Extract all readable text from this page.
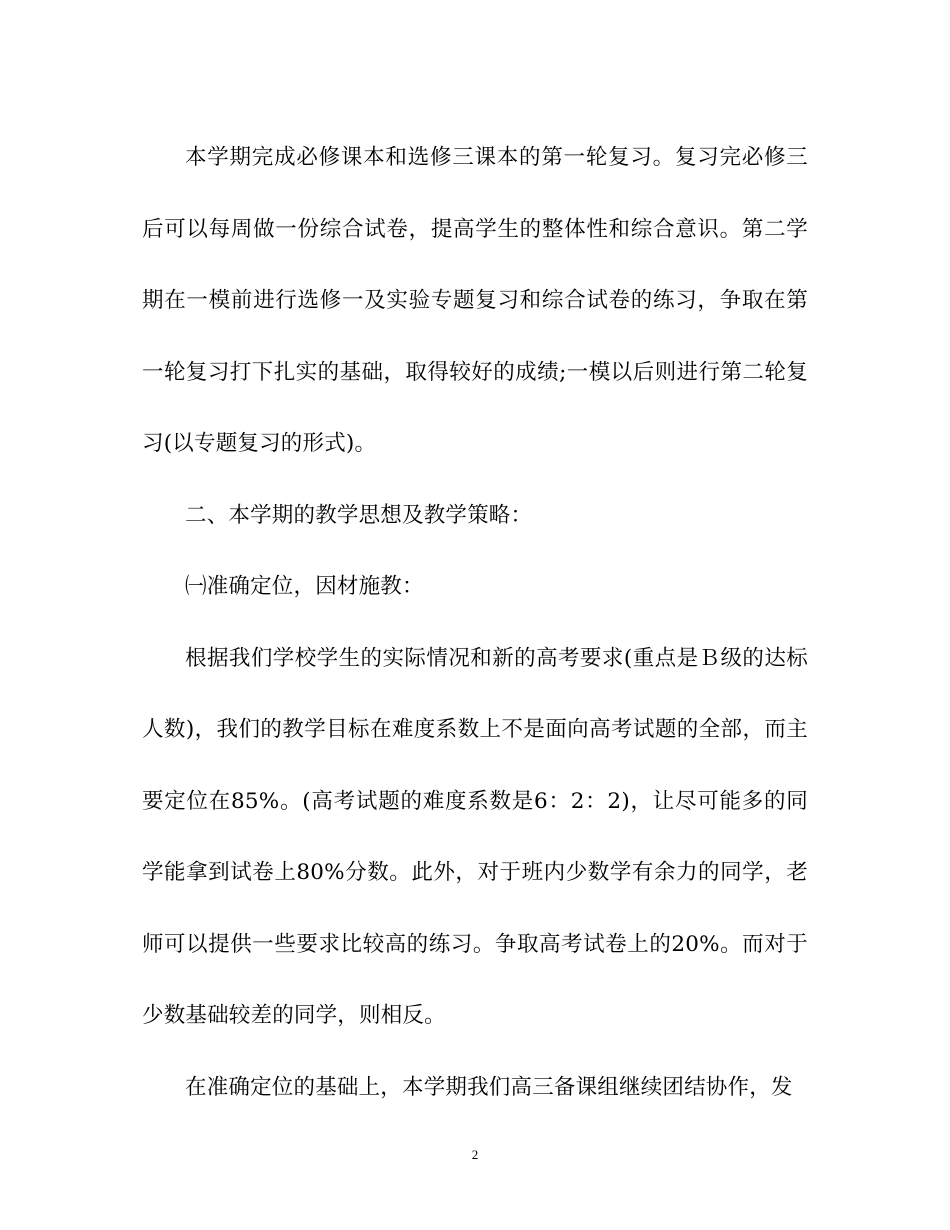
本学期完成必修课本和选修三课本的第一轮复习。复习完必修三后可以每周做一份综合试卷，提高学生的整体性和综合意识。第二学期在一模前进行选修一及实验专题复习和综合试卷的练习，争取在第一轮复习打下扎实的基础，取得较好的成绩;一模以后则进行第二轮复习(以专题复习的形式)。

二、本学期的教学思想及教学策略：

㈠准确定位，因材施教：

根据我们学校学生的实际情况和新的高考要求(重点是Ｂ级的达标人数)，我们的教学目标在难度系数上不是面向高考试题的全部，而主要定位在85%。(高考试题的难度系数是6：2：2)，让尽可能多的同学能拿到试卷上80%分数。此外，对于班内少数学有余力的同学，老师可以提供一些要求比较高的练习。争取高考试卷上的20%。而对于少数基础较差的同学，则相反。

在准确定位的基础上，本学期我们高三备课组继续团结协作，发

2
